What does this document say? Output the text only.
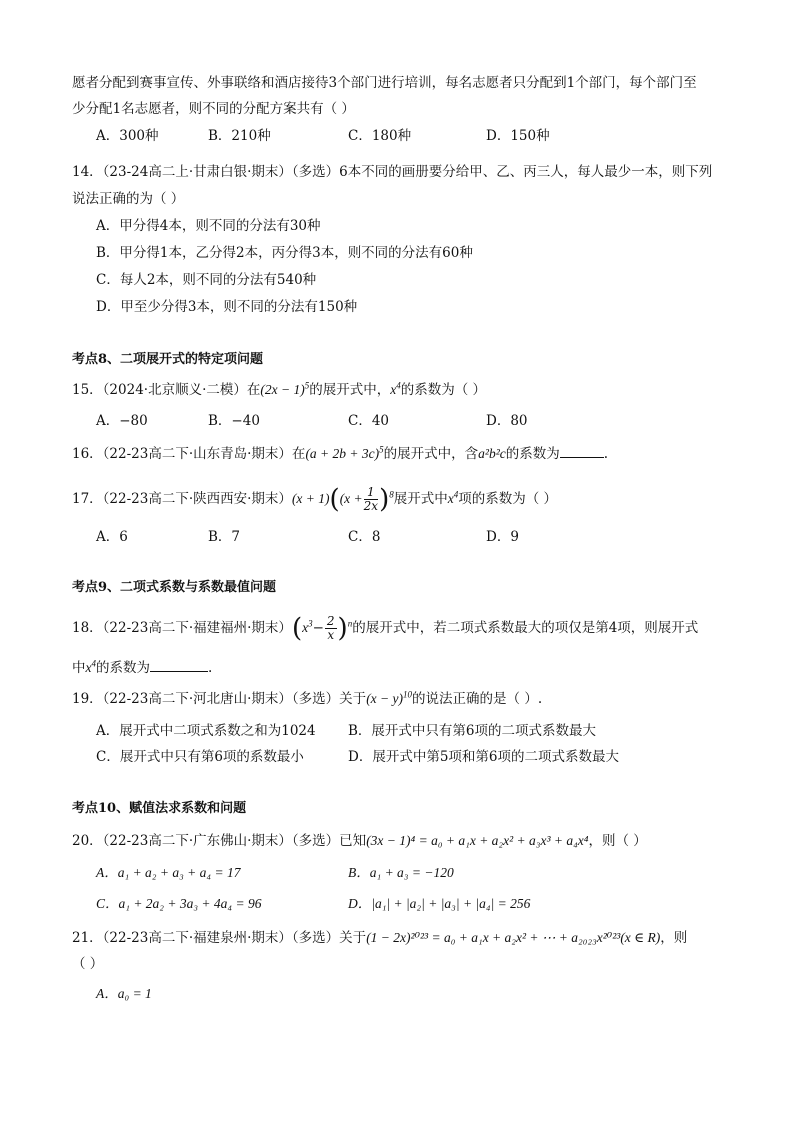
愿者分配到赛事宣传、外事联络和酒店接待3个部门进行培训，每名志愿者只分配到1个部门，每个部门至
少分配1名志愿者，则不同的分配方案共有（ ）
A．300种	B．210种	C．180种	D．150种
14．（23-24高二上·甘肃白银·期末）（多选）6本不同的画册要分给甲、乙、丙三人，每人最少一本，则下列
说法正确的为（ ）
A．甲分得4本，则不同的分法有30种
B．甲分得1本，乙分得2本，丙分得3本，则不同的分法有60种
C．每人2本，则不同的分法有540种
D．甲至少分得3本，则不同的分法有150种
考点8、二项展开式的特定项问题
15．（2024·北京顺义·二模）在$(2x - 1)^5$的展开式中，$x^4$的系数为（ ）
A．−80	B．−40	C．40	D．80
16．（22-23高二下·山东青岛·期末）在$(a + 2b + 3c)^5$的展开式中，含a²b²c的系数为	.
17．（22-23高二下·陕西西安·期末）$(x + 1)((x + \frac{1}{2x} )^8$展开式中$x^4$项的系数为（ ）
A．6	B．7	C．8	D．9
考点9、二项式系数与系数最值问题
18．（22-23高二下·福建福州·期末）$(x^3- \frac{2}{x} )^n$的展开式中，若二项式系数最大的项仅是第4项，则展开式
中$x^4$的系数为	.
19．（22-23高二下·河北唐山·期末）（多选）关于$(x - y)^{10}$的说法正确的是（ ）.
A．展开式中二项式系数之和为1024 B．展开式中只有第6项的二项式系数最大
C．展开式中只有第6项的系数最小	D．展开式中第5项和第6项的二项式系数最大
考点10、赋值法求系数和问题
20．（22-23高二下·广东佛山·期末）（多选）已知(3x − 1)⁴ = a₀ + a₁x + a₂x² + a₃x³ + a₄x⁴，则（ ）
A．a₁ + a₂ + a₃ + a₄ = 17	B．a₁ + a₃ = −120
C．a₁ + 2a₂ + 3a₃ + 4a₄ = 96	D．|a₁| + |a₂| + |a₃| + |a₄| = 256
21．（22-23高二下·福建泉州·期末）（多选）关于(1 − 2x)²⁰²³ = a₀ + a₁x + a₂x² + ⋯ + a₂₀₂₃x²⁰²³(x ∈ R)，则
（ ）
A．a₀ = 1
